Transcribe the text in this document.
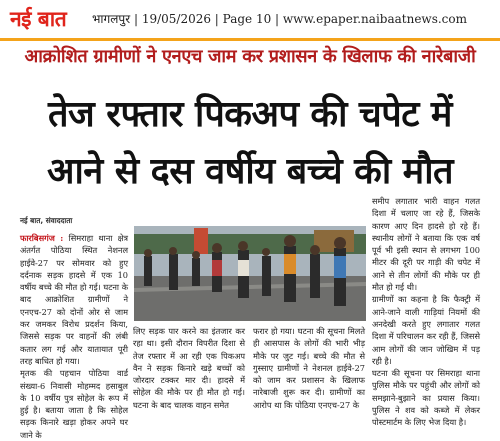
नई बात भागलपुर | 19/05/2026 | Page 10 | www.epaper.naibaatnews.com
आक्रोशित ग्रामीणों ने एनएच जाम कर प्रशासन के खिलाफ की नारेबाजी
तेज रफ्तार पिकअप की चपेट में
आने से दस वर्षीय बच्चे की मौत
नई बात, संवाददाता

फारबिसगंज : सिमराहा थाना क्षेत्र अंतर्गत पोठिया स्थित नेशनल हाईवे-27 पर सोमवार को हुए दर्दनाक सड़क हादसे में एक 10 वर्षीय बच्चे की मौत हो गई। घटना के बाद आक्रोशित ग्रामीणों ने एनएच-27 को दोनों ओर से जाम कर जमकर विरोध प्रदर्शन किया, जिससे सड़क पर वाहनों की लंबी कतार लग गई और यातायात पूरी तरह बाधित हो गया।

मृतक की पहचान पोठिया वार्ड संख्या-6 निवासी मोहम्मद हसाबुल के 10 वर्षीय पुत्र सोहेल के रूप में हुई है। बताया जाता है कि सोहेल सड़क किनारे खड़ा होकर अपने घर जाने के

लिए सड़क पार करने का इंतजार कर रहा था। इसी दौरान विपरीत दिशा से तेज रफ्तार में आ रही एक पिकअप वैन ने सड़क किनारे खड़े बच्चों को जोरदार टक्कर मार दी। हादसे में सोहेल की मौके पर ही मौत हो गई। घटना के बाद चालक वाहन समेत

फरार हो गया। घटना की सूचना मिलते ही आसपास के लोगों की भारी भीड़ मौके पर जुट गई। बच्चे की मौत से गुस्साए ग्रामीणों ने नेशनल हाईवे-27 को जाम कर प्रशासन के खिलाफ नारेबाजी शुरू कर दी। ग्रामीणों का आरोप था कि पोठिया एनएच-27 के

समीप लगातार भारी वाहन गलत दिशा में चलाए जा रहे हैं, जिसके कारण आए दिन हादसे हो रहे हैं। स्थानीय लोगों ने बताया कि एक वर्ष पूर्व भी इसी स्थान से लगभग 100 मीटर की दूरी पर गाड़ी की चपेट में आने से तीन लोगों की मौके पर ही मौत हो गई थी।

ग्रामीणों का कहना है कि फैक्ट्री में आने-जाने वाली गाड़ियां नियमों की अनदेखी करते हुए लगातार गलत दिशा में परिचालन कर रही हैं, जिससे आम लोगों की जान जोखिम में पड़ रही है।

घटना की सूचना पर सिमराहा थाना पुलिस मौके पर पहुंची और लोगों को समझाने-बुझाने का प्रयास किया। पुलिस ने शव को कब्जे में लेकर पोस्टमार्टम के लिए भेज दिया है।
